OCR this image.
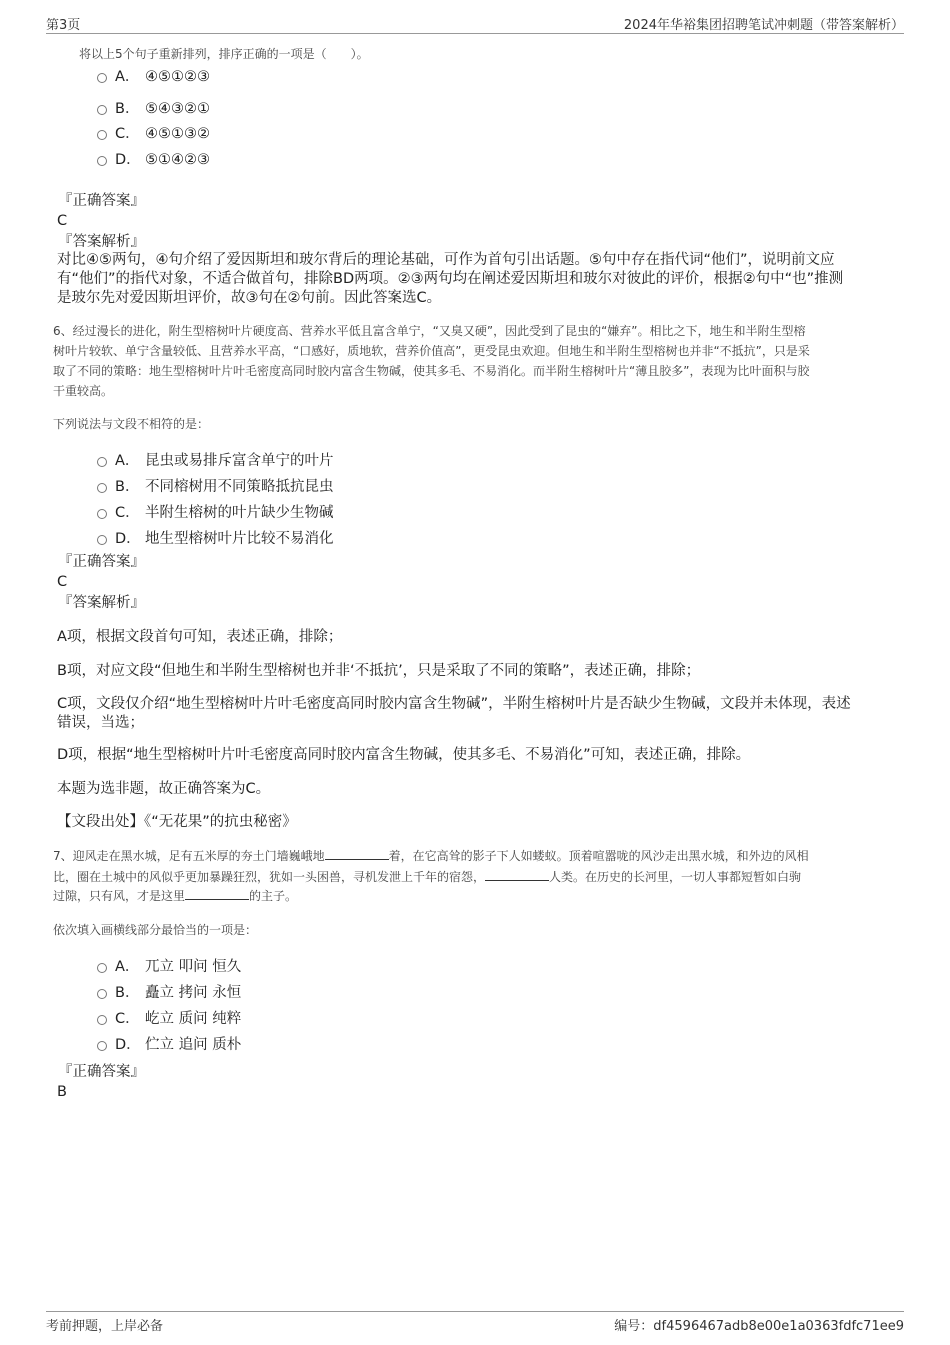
第3页	2024年华裕集团招聘笔试冲刺题（带答案解析）
将以上5个句子重新排列，排序正确的一项是（　　）。
A． ④⑤①②③
B． ⑤④③②①
C． ④⑤①③②
D． ⑤①④②③
『正确答案』
C
『答案解析』
对比④⑤两句，④句介绍了爱因斯坦和玻尔背后的理论基础，可作为首句引出话题。⑤句中存在指代词“他们”，说明前文应
有“他们”的指代对象，不适合做首句，排除BD两项。②③两句均在阐述爱因斯坦和玻尔对彼此的评价，根据②句中“也”推测
是玻尔先对爱因斯坦评价，故③句在②句前。因此答案选C。
6、经过漫长的进化，附生型榕树叶片硬度高、营养水平低且富含单宁，“又臭又硬”，因此受到了昆虫的“嫌弃”。相比之下，地生和半附生型榕
树叶片较软、单宁含量较低、且营养水平高，“口感好，质地软，营养价值高”，更受昆虫欢迎。但地生和半附生型榕树也并非“不抵抗”，只是采
取了不同的策略：地生型榕树叶片叶毛密度高同时胶内富含生物碱，使其多毛、不易消化。而半附生榕树叶片“薄且胶多”，表现为比叶面积与胶
干重较高。
下列说法与文段不相符的是：
A． 昆虫或易排斥富含单宁的叶片
B． 不同榕树用不同策略抵抗昆虫
C． 半附生榕树的叶片缺少生物碱
D． 地生型榕树叶片比较不易消化
『正确答案』
C
『答案解析』
A项，根据文段首句可知，表述正确，排除；
B项，对应文段“但地生和半附生型榕树也并非‘不抵抗’，只是采取了不同的策略”，表述正确，排除；
C项，文段仅介绍“地生型榕树叶片叶毛密度高同时胶内富含生物碱”，半附生榕树叶片是否缺少生物碱，文段并未体现，表述
错误，当选；
D项，根据“地生型榕树叶片叶毛密度高同时胶内富含生物碱，使其多毛、不易消化”可知，表述正确，排除。
本题为选非题，故正确答案为C。
【文段出处】《“无花果”的抗虫秘密》
7、迎风走在黑水城，足有五米厚的夯土门墙巍峨地	着，在它高耸的影子下人如蝼蚁。顶着喧嚣咙的风沙走出黑水城，和外边的风相
比，圈在土城中的风似乎更加暴躁狂烈，犹如一头困兽，寻机发泄上千年的宿怨，	人类。在历史的长河里，一切人事都短暂如白驹
过隙，只有风，才是这里	的主子。
依次填入画横线部分最恰当的一项是：
A． 兀立 叩问 恒久
B． 矗立 拷问 永恒
C． 屹立 质问 纯粹
D． 伫立 追问 质朴
『正确答案』
B
考前押题，上岸必备	编号：df4596467adb8e00e1a0363fdfc71ee9
